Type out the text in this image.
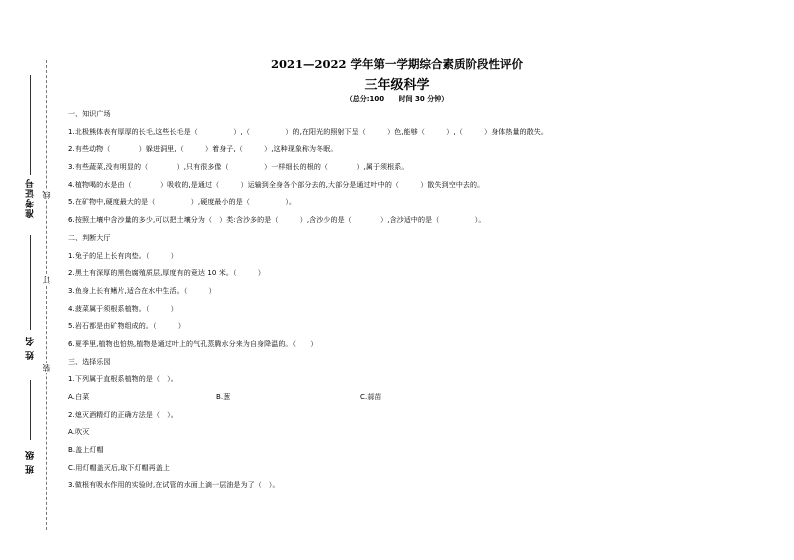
准考证号
姓 名
班 级
线
订
装
2021—2022 学年第一学期综合素质阶段性评价
三年级科学
（总分:100 时间 30 分钟）
一、知识广场
1.北极熊体表有厚厚的长毛,这些长毛是（　　　　　）,（　　　　　）的,在阳光的照射下呈（　　　）色,能够（　　　）,（　　　）身体热量的散失。
2.有些动物（　　　　）躲进洞里,（　　　）着身子,（　　　）,这种现象称为冬眠。
3.有些蔬菜,没有明显的（　　　　）,只有很多像（　　　　　）一样细长的根的（　　　　）,属于须根系。
4.植物喝的水是由（　　　　）吸收的,是通过（　　　）运输到全身各个部分去的,大部分是通过叶中的（　　　）散失到空中去的。
5.在矿物中,硬度最大的是（　　　　　）,硬度最小的是（　　　　　）。
6.按照土壤中含沙量的多少,可以把土壤分为（　）类:含沙多的是（　　　）,含沙少的是（　　　　）,含沙适中的是（　　　　　）。
二、判断大厅
1.兔子的足上长有肉垫。（　　　）
2.黑土有深厚的黑色腐殖质层,厚度有的竟达 10 米。（　　　）
3.鱼身上长有鳍片,适合在水中生活。（　　　）
4.菠菜属于须根系植物。（　　　）
5.岩石都是由矿物组成的。（　　　）
6.夏季里,植物也怕热,植物是通过叶上的气孔蒸腾水分来为自身降温的。（　　）
三、选择乐园
1.下列属于直根系植物的是（　）。
A.白菜	B.葱	C.蒜苗
2.熄灭酒精灯的正确方法是（　）。
A.吹灭
B.盖上灯帽
C.用灯帽盖灭后,取下灯帽再盖上
3.做根有吸水作用的实验时,在试管的水面上滴一层油是为了（　）。
